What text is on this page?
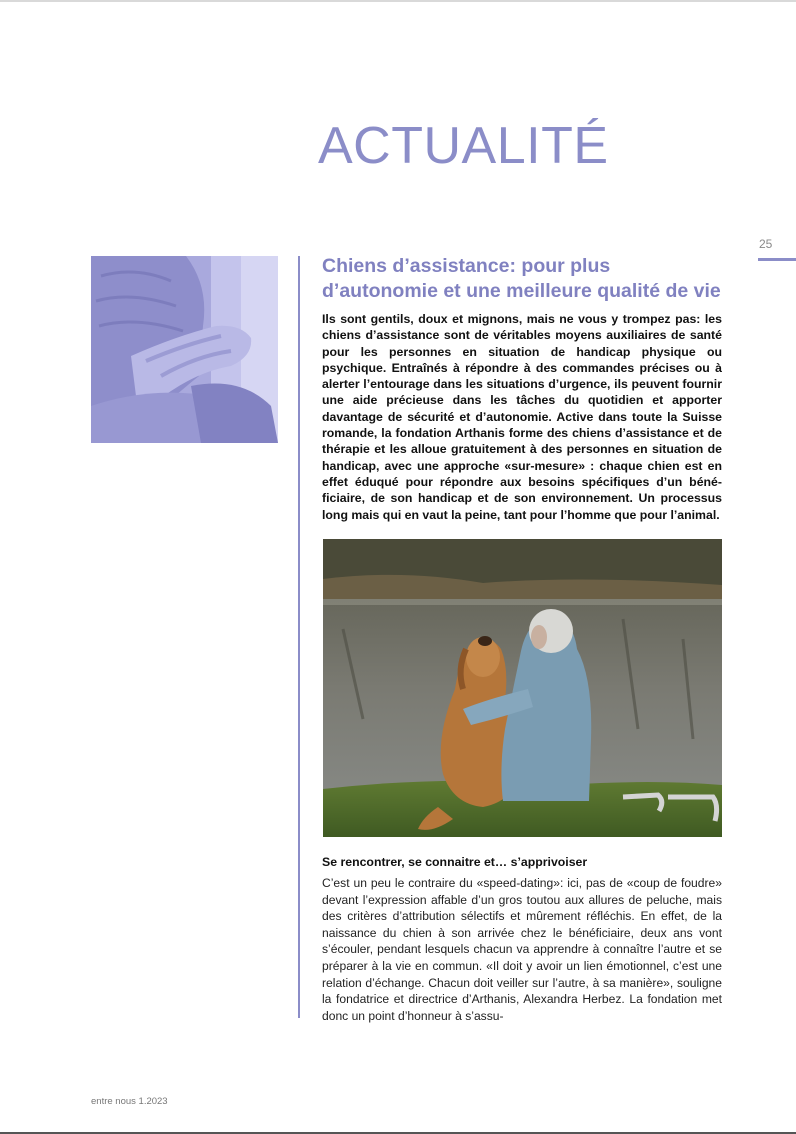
ACTUALITÉ
25
Chiens d’assistance: pour plus d’autonomie et une meilleure qualité de vie

Ils sont gentils, doux et mignons, mais ne vous y trompez pas: les chiens d’assistance sont de véritables moyens auxiliaires de santé pour les personnes en situation de handicap physique ou psychique. Entraînés à répondre à des commandes précises ou à alerter l’entourage dans les situations d’urgence, ils peuvent fournir une aide précieuse dans les tâches du quotidien et apporter davantage de sécurité et d’autonomie. Active dans toute la Suisse romande, la fondation Arthanis forme des chiens d’assistance et de thérapie et les alloue gratuitement à des personnes en situation de handicap, avec une approche «sur-mesure» : chaque chien est en effet éduqué pour répondre aux besoins spécifiques d’un bénéficiaire, de son handicap et de son environnement. Un processus long mais qui en vaut la peine, tant pour l’homme que pour l’animal.

Se rencontrer, se connaitre et… s’apprivoiser

C’est un peu le contraire du «speed-dating»: ici, pas de «coup de foudre» devant l’expression affable d’un gros toutou aux allures de peluche, mais des critères d’attribution sélectifs et mûrement réfléchis. En effet, de la naissance du chien à son arrivée chez le bénéficiaire, deux ans vont s’écouler, pendant lesquels chacun va apprendre à connaître l’autre et se préparer à la vie en commun. «Il doit y avoir un lien émotionnel, c’est une relation d’échange. Chacun doit veiller sur l’autre, à sa manière», souligne la fondatrice et directrice d’Arthanis, Alexandra Herbez. La fondation met donc un point d’honneur à s’assu-

entre nous 1.2023
